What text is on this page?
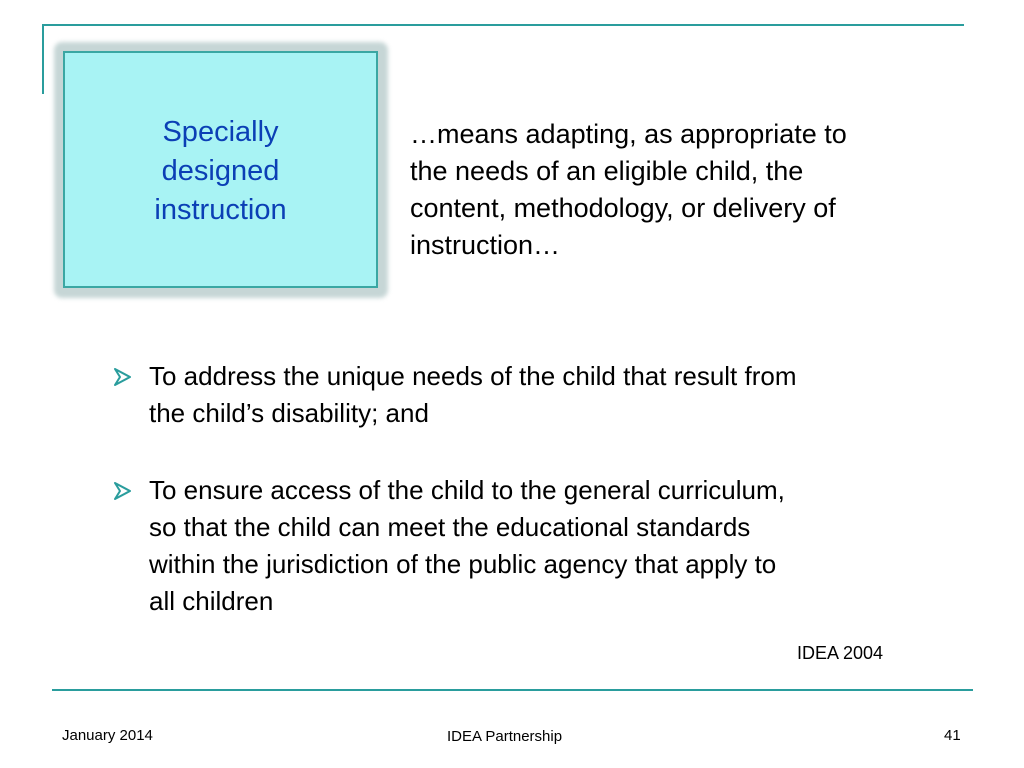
Specially
designed
instruction
…means adapting, as appropriate to
the needs of an eligible child, the
content, methodology, or delivery of
instruction…
To address the unique needs of the child that result from
the child’s disability; and
To ensure access of the child to the general curriculum,
so that the child can meet the educational standards
within the jurisdiction of the public agency that apply to
all children
IDEA 2004
January 2014	IDEA Partnership	41
